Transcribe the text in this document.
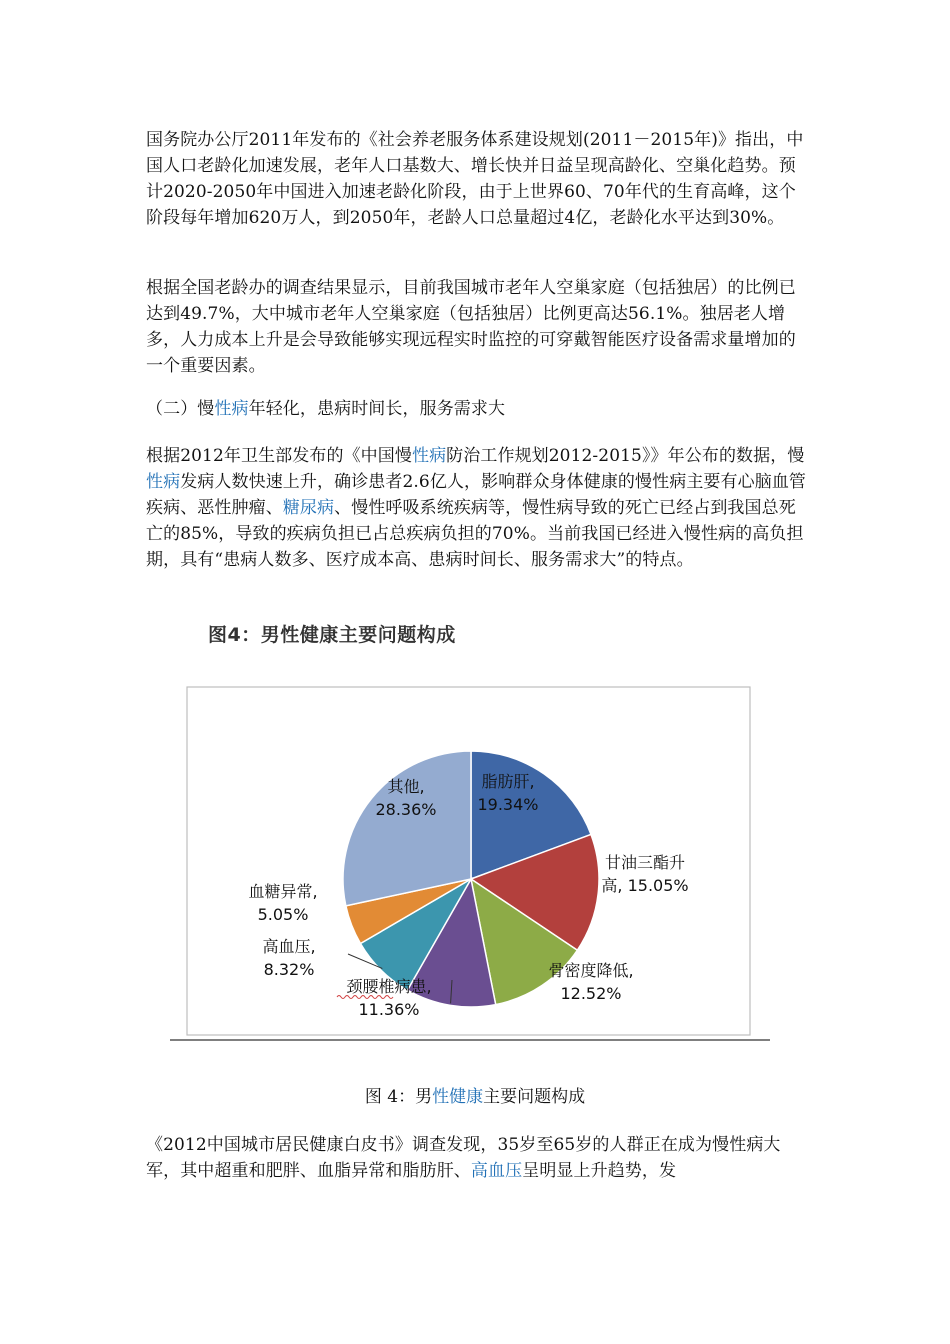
国务院办公厅2011年发布的《社会养老服务体系建设规划(2011－2015年)》指出，中国人口老龄化加速发展，老年人口基数大、增长快并日益呈现高龄化、空巢化趋势。预计2020-2050年中国进入加速老龄化阶段，由于上世界60、70年代的生育高峰，这个阶段每年增加620万人，到2050年，老龄人口总量超过4亿，老龄化水平达到30%。

根据全国老龄办的调查结果显示，目前我国城市老年人空巢家庭（包括独居）的比例已达到49.7%，大中城市老年人空巢家庭（包括独居）比例更高达56.1%。独居老人增多，人力成本上升是会导致能够实现远程实时监控的可穿戴智能医疗设备需求量增加的一个重要因素。

（二）慢性病年轻化，患病时间长，服务需求大

根据2012年卫生部发布的《中国慢性病防治工作规划2012-2015》》年公布的数据，慢性病发病人数快速上升，确诊患者2.6亿人，影响群众身体健康的慢性病主要有心脑血管疾病、恶性肿瘤、糖尿病、慢性呼吸系统疾病等，慢性病导致的死亡已经占到我国总死亡的85%，导致的疾病负担已占总疾病负担的70%。当前我国已经进入慢性病的高负担期，具有“患病人数多、医疗成本高、患病时间长、服务需求大”的特点。

图4：男性健康主要问题构成
脂肪肝,
19.34%
甘油三酯升
高, 15.05%
骨密度降低,
12.52%
颈腰椎病患,
11.36%
高血压,
8.32%
血糖异常,
5.05%
其他,
28.36%

图 4：男性健康主要问题构成

《2012中国城市居民健康白皮书》调查发现，35岁至65岁的人群正在成为慢性病大军，其中超重和肥胖、血脂异常和脂肪肝、高血压呈明显上升趋势，发
